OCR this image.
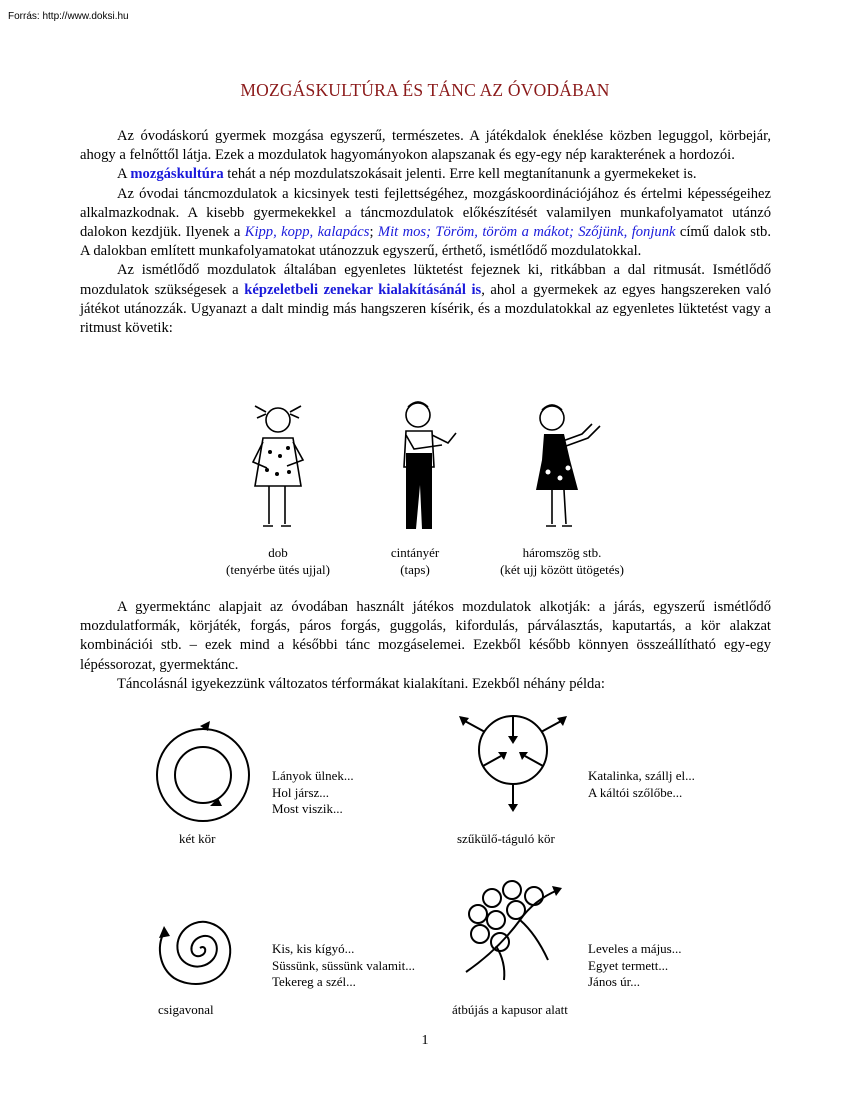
Forrás: http://www.doksi.hu
MOZGÁSKULTÚRA ÉS TÁNC AZ ÓVODÁBAN

Az óvodáskorú gyermek mozgása egyszerű, természetes. A játékdalok éneklése közben leguggol, körbejár, ahogy a felnőttől látja. Ezek a mozdulatok hagyományokon alapszanak és egy-egy nép karakterének a hordozói.

A mozgáskultúra tehát a nép mozdulatszokásait jelenti. Erre kell megtanítanunk a gyermekeket is.

Az óvodai táncmozdulatok a kicsinyek testi fejlettségéhez, mozgáskoordinációjához és értelmi képességeihez alkalmazkodnak. A kisebb gyermekekkel a táncmozdulatok előkészítését valamilyen munkafolyamatot utánzó dalokon kezdjük. Ilyenek a Kipp, kopp, kalapács; Mit mos; Töröm, töröm a mákot; Szőjünk, fonjunk című dalok stb. A dalokban említett munkafolyamatokat utánozzuk egyszerű, érthető, ismétlődő mozdulatokkal.

Az ismétlődő mozdulatok általában egyenletes lüktetést fejeznek ki, ritkábban a dal ritmusát. Ismétlődő mozdulatok szükségesek a képzeletbeli zenekar kialakításánál is, ahol a gyermekek az egyes hangszereken való játékot utánozzák. Ugyanazt a dalt mindig más hangszeren kísérik, és a mozdulatokkal az egyenletes lüktetést vagy a ritmust követik:

dob
(tenyérbe ütés ujjal)
cintányér
(taps)
háromszög stb.
(két ujj között ütögetés)

A gyermektánc alapjait az óvodában használt játékos mozdulatok alkotják: a járás, egyszerű ismétlődő mozdulatformák, körjáték, forgás, páros forgás, guggolás, kifordulás, párválasztás, kaputartás, a kör alakzat kombinációi stb. – ezek mind a későbbi tánc mozgáselemei. Ezekből később könnyen összeállítható egy-egy lépéssorozat, gyermektánc.

Táncolásnál igyekezzünk változatos térformákat kialakítani. Ezekből néhány példa:

két kör
Lányok ülnek...
Hol jársz...
Most viszik...
szűkülő-táguló kör
Katalinka, szállj el...
A káltói szőlőbe...
csigavonal
Kis, kis kígyó...
Süssünk, süssünk valamit...
Tekereg a szél...
átbújás a kapusor alatt
Leveles a május...
Egyet termett...
János úr...
1
